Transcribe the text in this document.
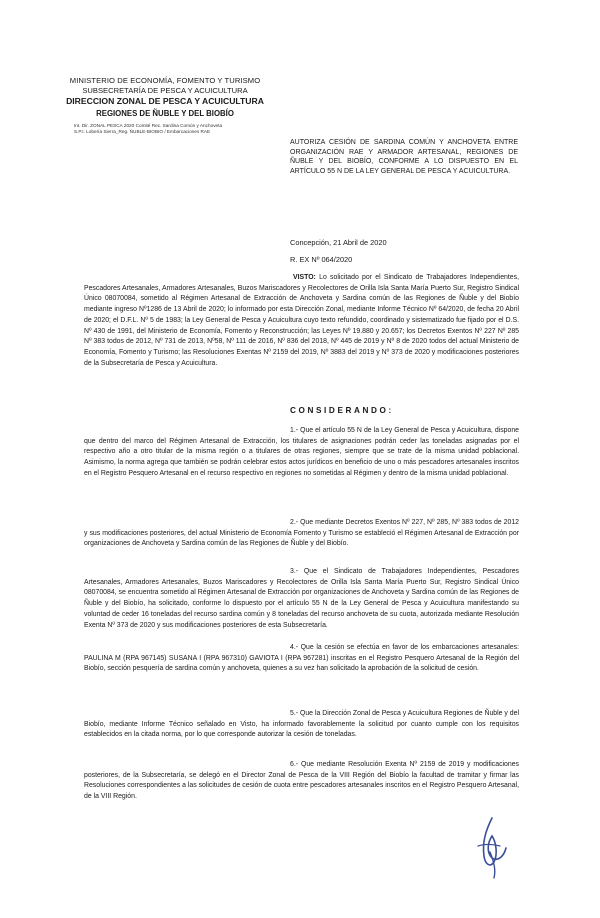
MINISTERIO DE ECONOMÍA, FOMENTO Y TURISMO
SUBSECRETARÍA DE PESCA Y ACUICULTURA
DIRECCION ZONAL DE PESCA Y ACUICULTURA
REGIONES DE ÑUBLE Y DEL BIOBÍO
Int. Dir. ZONAL PESCA 2020 Comité Rec. Sardina Común y Anchoveta
S.P.I. Lobería Sierra_Reg. ÑUBLE-BIOBIO / Embarcaciones RAE
AUTORIZA CESIÓN DE SARDINA COMÚN Y ANCHOVETA ENTRE ORGANIZACIÓN RAE Y ARMADOR ARTESANAL, REGIONES DE ÑUBLE Y DEL BIOBÍO, CONFORME A LO DISPUESTO EN EL ARTÍCULO 55 N DE LA LEY GENERAL DE PESCA Y ACUICULTURA.
Concepción, 21 Abril de 2020
R. EX Nº 064/2020
VISTO: Lo solicitado por el Sindicato de Trabajadores Independientes, Pescadores Artesanales, Armadores Artesanales, Buzos Mariscadores y Recolectores de Orilla Isla Santa María Puerto Sur, Registro Sindical Único 08070084, sometido al Régimen Artesanal de Extracción de Anchoveta y Sardina común de las Regiones de Ñuble y del Biobío mediante ingreso Nº1286 de 13 Abril de 2020; lo informado por esta Dirección Zonal, mediante Informe Técnico Nº 64/2020, de fecha 20 Abril de 2020; el D.F.L. Nº 5 de 1983; la Ley General de Pesca y Acuicultura cuyo texto refundido, coordinado y sistematizado fue fijado por el D.S. Nº 430 de 1991, del Ministerio de Economía, Fomento y Reconstrucción; las Leyes Nº 19.880 y 20.657; los Decretos Exentos Nº 227 Nº 285 Nº 383 todos de 2012, Nº 731 de 2013, Nº58, Nº 111 de 2016, Nº 836 del 2018, Nº 445 de 2019 y Nº 8 de 2020 todos del actual Ministerio de Economía, Fomento y Turismo; las Resoluciones Exentas Nº 2159 del 2019, Nº 3883 del 2019 y Nº 373 de 2020 y modificaciones posteriores de la Subsecretaría de Pesca y Acuicultura.
CONSIDERANDO:
1.- Que el artículo 55 N de la Ley General de Pesca y Acuicultura, dispone que dentro del marco del Régimen Artesanal de Extracción, los titulares de asignaciones podrán ceder las toneladas asignadas por el respectivo año a otro titular de la misma región o a titulares de otras regiones, siempre que se trate de la misma unidad poblacional. Asimismo, la norma agrega que también se podrán celebrar estos actos jurídicos en beneficio de uno o más pescadores artesanales inscritos en el Registro Pesquero Artesanal en el recurso respectivo en regiones no sometidas al Régimen y dentro de la misma unidad poblacional.
2.- Que mediante Decretos Exentos Nº 227, Nº 285, Nº 383 todos de 2012 y sus modificaciones posteriores, del actual Ministerio de Economía Fomento y Turismo se estableció el Régimen Artesanal de Extracción por organizaciones de Anchoveta y Sardina común de las Regiones de Ñuble y del Biobío.
3.- Que el Sindicato de Trabajadores Independientes, Pescadores Artesanales, Armadores Artesanales, Buzos Mariscadores y Recolectores de Orilla Isla Santa María Puerto Sur, Registro Sindical Único 08070084, se encuentra sometido al Régimen Artesanal de Extracción por organizaciones de Anchoveta y Sardina común de las Regiones de Ñuble y del Biobío, ha solicitado, conforme lo dispuesto por el artículo 55 N de la Ley General de Pesca y Acuicultura manifestando su voluntad de ceder 16 toneladas del recurso sardina común y 8 toneladas del recurso anchoveta de su cuota, autorizada mediante Resolución Exenta Nº 373 de 2020 y sus modificaciones posteriores de esta Subsecretaría.
4.- Que la cesión se efectúa en favor de los embarcaciones artesanales: PAULINA M (RPA 967145) SUSANA I (RPA 967310) GAVIOTA I (RPA 967281) inscritas en el Registro Pesquero Artesanal de la Región del Biobío, sección pesquería de sardina común y anchoveta, quienes a su vez han solicitado la aprobación de la solicitud de cesión.
5.- Que la Dirección Zonal de Pesca y Acuicultura Regiones de Ñuble y del Biobío, mediante Informe Técnico señalado en Visto, ha informado favorablemente la solicitud por cuanto cumple con los requisitos establecidos en la citada norma, por lo que corresponde autorizar la cesión de toneladas.
6.- Que mediante Resolución Exenta Nº 2159 de 2019 y modificaciones posteriores, de la Subsecretaría, se delegó en el Director Zonal de Pesca de la VIII Región del Biobío la facultad de tramitar y firmar las Resoluciones correspondientes a las solicitudes de cesión de cuota entre pescadores artesanales inscritos en el Registro Pesquero Artesanal, de la VIII Región.
